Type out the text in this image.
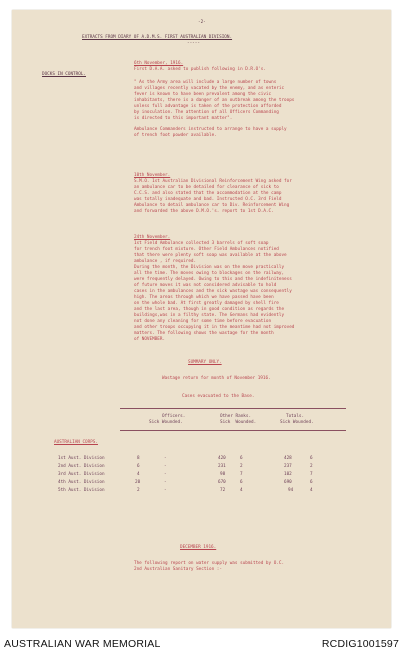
-2-
EXTRACTS FROM DIARY OF A.D.M.S. FIRST AUSTRALIAN DIVISION.
-----
DOCKS IN CONTROL.
6th November, 1916.
First D.A.A. asked to publish following in D.R.O's.
" As the Army area will include a large number of towns
and villages recently vacated by the enemy, and as enteric
fever is known to have been prevalent among the civic
inhabitants, there is a danger of an outbreak among the troops
unless full advantage is taken of the protection afforded
by inoculation. The attention of all Officers Commanding
is directed to this important matter".
Ambulance Commanders instructed to arrange to have a supply
of trench foot powder available.
10th November.
S.M.O. 1st Australian Divisional Reinforcement Wing asked for
an ambulance car to be detailed for clearance of sick to
C.C.S. and also stated that the accommodation at the camp
was totally inadequate and bad. Instructed O.C. 3rd Field
Ambulance to detail ambulance car to Div. Reinforcement Wing
and forwarded the above D.M.O.'s. report to 1st D.A.C.
24th November.
1st Field Ambulance collected 3 barrels of soft soap
for trench foot mixture. Other Field Ambulances notified
that there were plenty soft soap was available at the above
ambulance , if required.
During the month, the Division was on the move practically
all the time. The moves owing to blockages on the railway,
were frequently delayed. Owing to this and the indefiniteness
of future moves it was not considered advisable to hold
cases in the ambulances and the sick wastage was consequently
high. The areas through which we have passed have been
on the whole bad. At first greatly damaged by shell fire
and the last area, though in good condition as regards the
buildings,was in a filthy state. The Germans had evidently
not done any cleaning for some time before evacuation
and other troops occupying it in the meantime had not improved
matters. The following shows the wastage for the month
of NOVEMBER.
SUMMARY ONLY.
Wastage return for month of November 1916.
Cases evacuated to the Base.
Officers.	Other Ranks.	Totals.
Sick Wounded.	Sick  Wounded.	Sick Wounded.
AUSTRALIAN CORPS.
1st Aust. Division	8	-	420	6	428	6
2nd Aust. Division	6	-	231	2	237	2
3rd Aust. Division	4	-	98	7	102	7
4th Aust. Division	20	-	670	6	690	6
5th Aust. Division	2	-	72	4	94	4
DECEMBER 1916.
The following report on water supply was submitted by O.C.
2nd Australian Sanitary Section :-
AUSTRALIAN WAR MEMORIAL	RCDIG1001597
